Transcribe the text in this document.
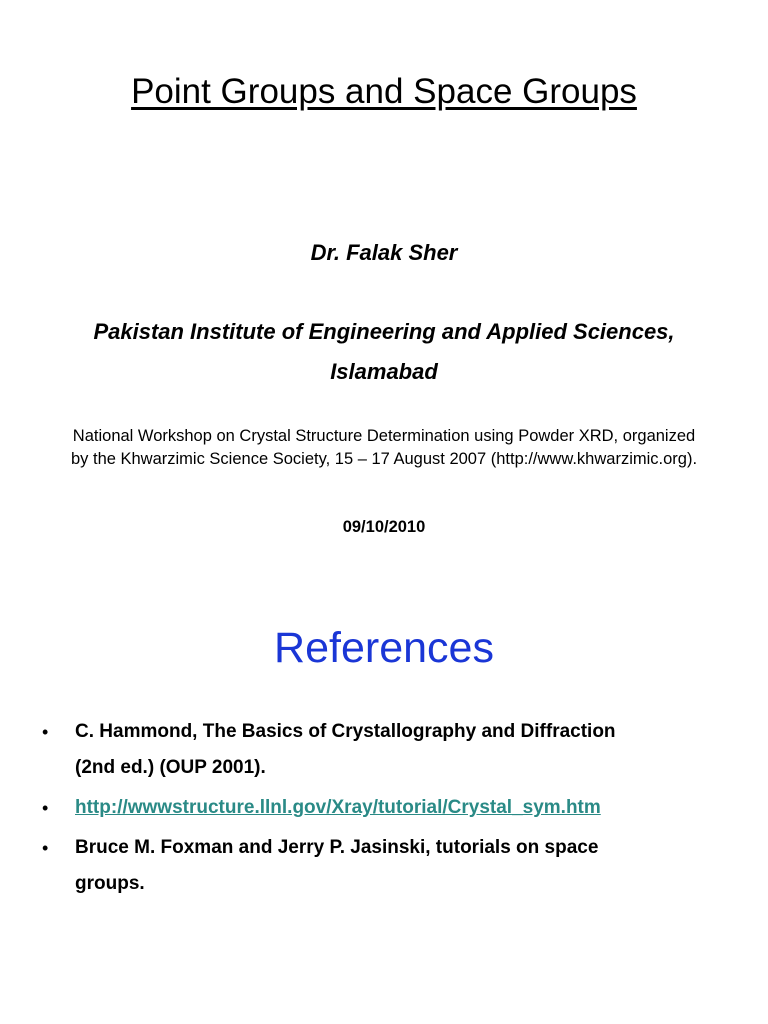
Point Groups and Space Groups
Dr. Falak Sher
Pakistan Institute of Engineering and Applied Sciences,
Islamabad
National Workshop on Crystal Structure Determination using Powder XRD, organized
by the Khwarzimic Science Society, 15 – 17 August 2007 (http://www.khwarzimic.org).
09/10/2010
References
• C. Hammond, The Basics of Crystallography and Diffraction
(2nd ed.) (OUP 2001).
• http://wwwstructure.llnl.gov/Xray/tutorial/Crystal_sym.htm
• Bruce M. Foxman and Jerry P. Jasinski, tutorials on space
groups.
